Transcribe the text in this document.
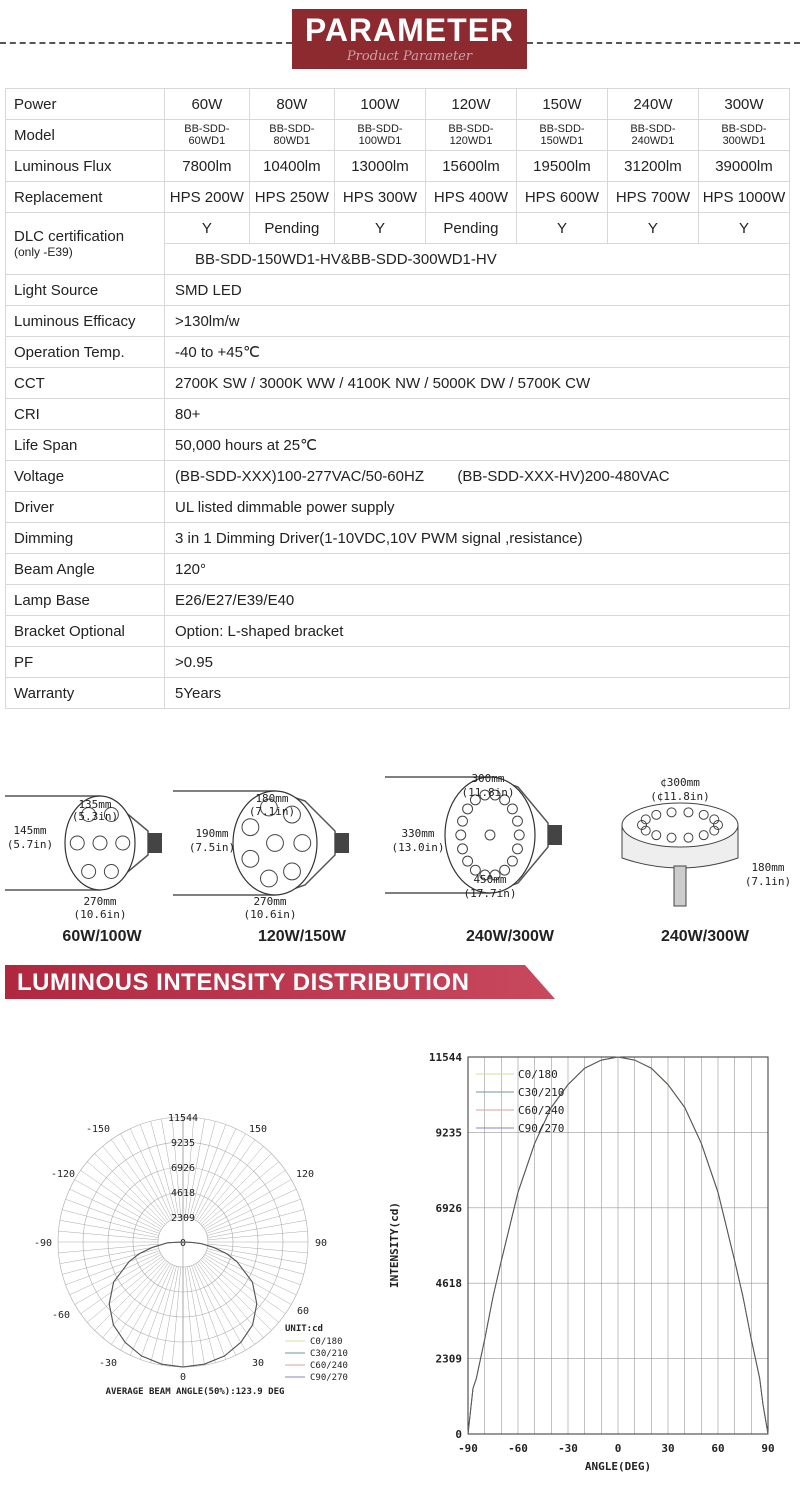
PARAMETER
Product Parameter
Power	60W	80W	100W	120W	150W	240W	300W
Model	BB-SDD-60WD1	BB-SDD-80WD1	BB-SDD-100WD1	BB-SDD-120WD1	BB-SDD-150WD1	BB-SDD-240WD1	BB-SDD-300WD1
Luminous Flux	7800lm	10400lm	13000lm	15600lm	19500lm	31200lm	39000lm
Replacement	HPS 200W	HPS 250W	HPS 300W	HPS 400W	HPS 600W	HPS 700W	HPS 1000W
DLC certification
(only -E39)	Y	Pending	Y	Pending	Y	Y	Y
	BB-SDD-150WD1-HV&BB-SDD-300WD1-HV						
Light Source	SMD LED						
Luminous Efficacy	>130lm/w						
Operation Temp.	-40 to +45℃						
CCT	2700K SW / 3000K WW / 4100K NW / 5000K DW / 5700K CW						
CRI	80+						
Life Span	50,000 hours at 25℃						
Voltage	(BB-SDD-XXX)100-277VAC/50-60HZ        (BB-SDD-XXX-HV)200-480VAC						
Driver	UL listed dimmable power supply						
Dimming	3 in 1 Dimming Driver(1-10VDC,10V PWM signal ,resistance)						
Beam Angle	120°						
Lamp Base	E26/E27/E39/E40						
Bracket Optional	Option: L-shaped bracket						
PF	>0.95						
Warranty	5Years						
135mm
(5.3in)
145mm
(5.7in)
270mm
(10.6in)
180mm
(7.1in)
190mm
(7.5in)
270mm
(10.6in)
300mm
(11.8in)
330mm
(13.0in)
450mm
(17.7in)
¢300mm
(¢11.8in)
180mm
(7.1in)
60W/100W	120W/150W	240W/300W	240W/300W
LUMINOUS INTENSITY DISTRIBUTION
11544
9235
6926
4618
2309
0
-150	150
-120	120
-90	90
-60	60
-30	30
0
UNIT:cd
C0/180
C30/210
C60/240
C90/270
AVERAGE BEAM ANGLE(50%):123.9 DEG
0
2309
4618
6926
9235
11544
-90	-60	-30	0	30	60	90
C0/180
C30/210
C60/240
C90/270
ANGLE(DEG)
INTENSITY(cd)
